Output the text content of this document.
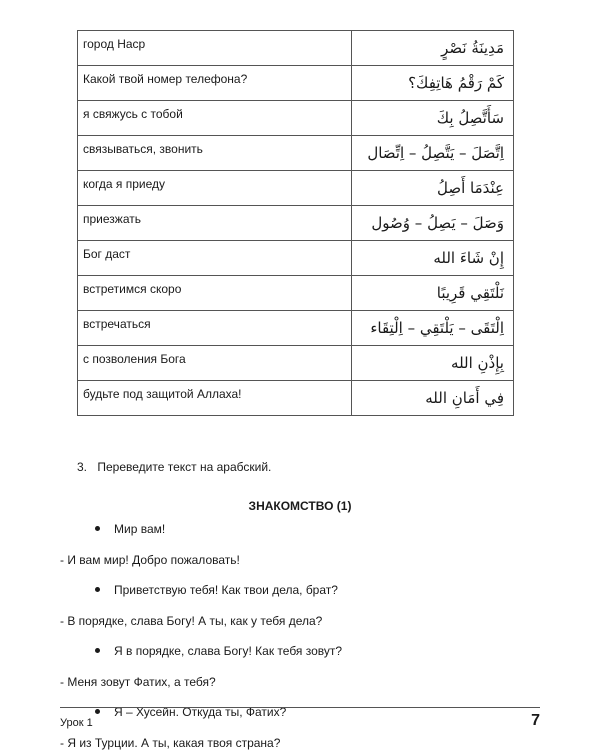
город Наср	مَدِينَةُ نَصْرٍ
Какой твой номер телефона?	كَمْ رَقْمُ هَاتِفِكَ؟
я свяжусь с тобой	سَأَتَّصِلُ بِكَ
связываться, звонить	اِتَّصَلَ – يَتَّصِلُ – اِتِّصَال
когда я приеду	عِنْدَمَا أَصِلُ
приезжать	وَصَلَ – يَصِلُ – وُصُول
Бог даст	إِنْ شَاءَ الله
встретимся скоро	نَلْتَقِي قَرِيبًا
встречаться	اِلْتَقَى – يَلْتَقِي – اِلْتِقَاء
с позволения Бога	بِإِذْنِ الله
будьте под защитой Аллаха!	فِي أَمَانِ الله
3. Переведите текст на арабский.
ЗНАКОМСТВО (1)
Мир вам!
- И вам мир! Добро пожаловать!
Приветствую тебя! Как твои дела, брат?
- В порядке, слава Богу! А ты, как у тебя дела?
Я в порядке, слава Богу! Как тебя зовут?
- Меня зовут Фатих, а тебя?
Я – Хусейн. Откуда ты, Фатих?
- Я из Турции. А ты, какая твоя страна?
Урок 1	7
